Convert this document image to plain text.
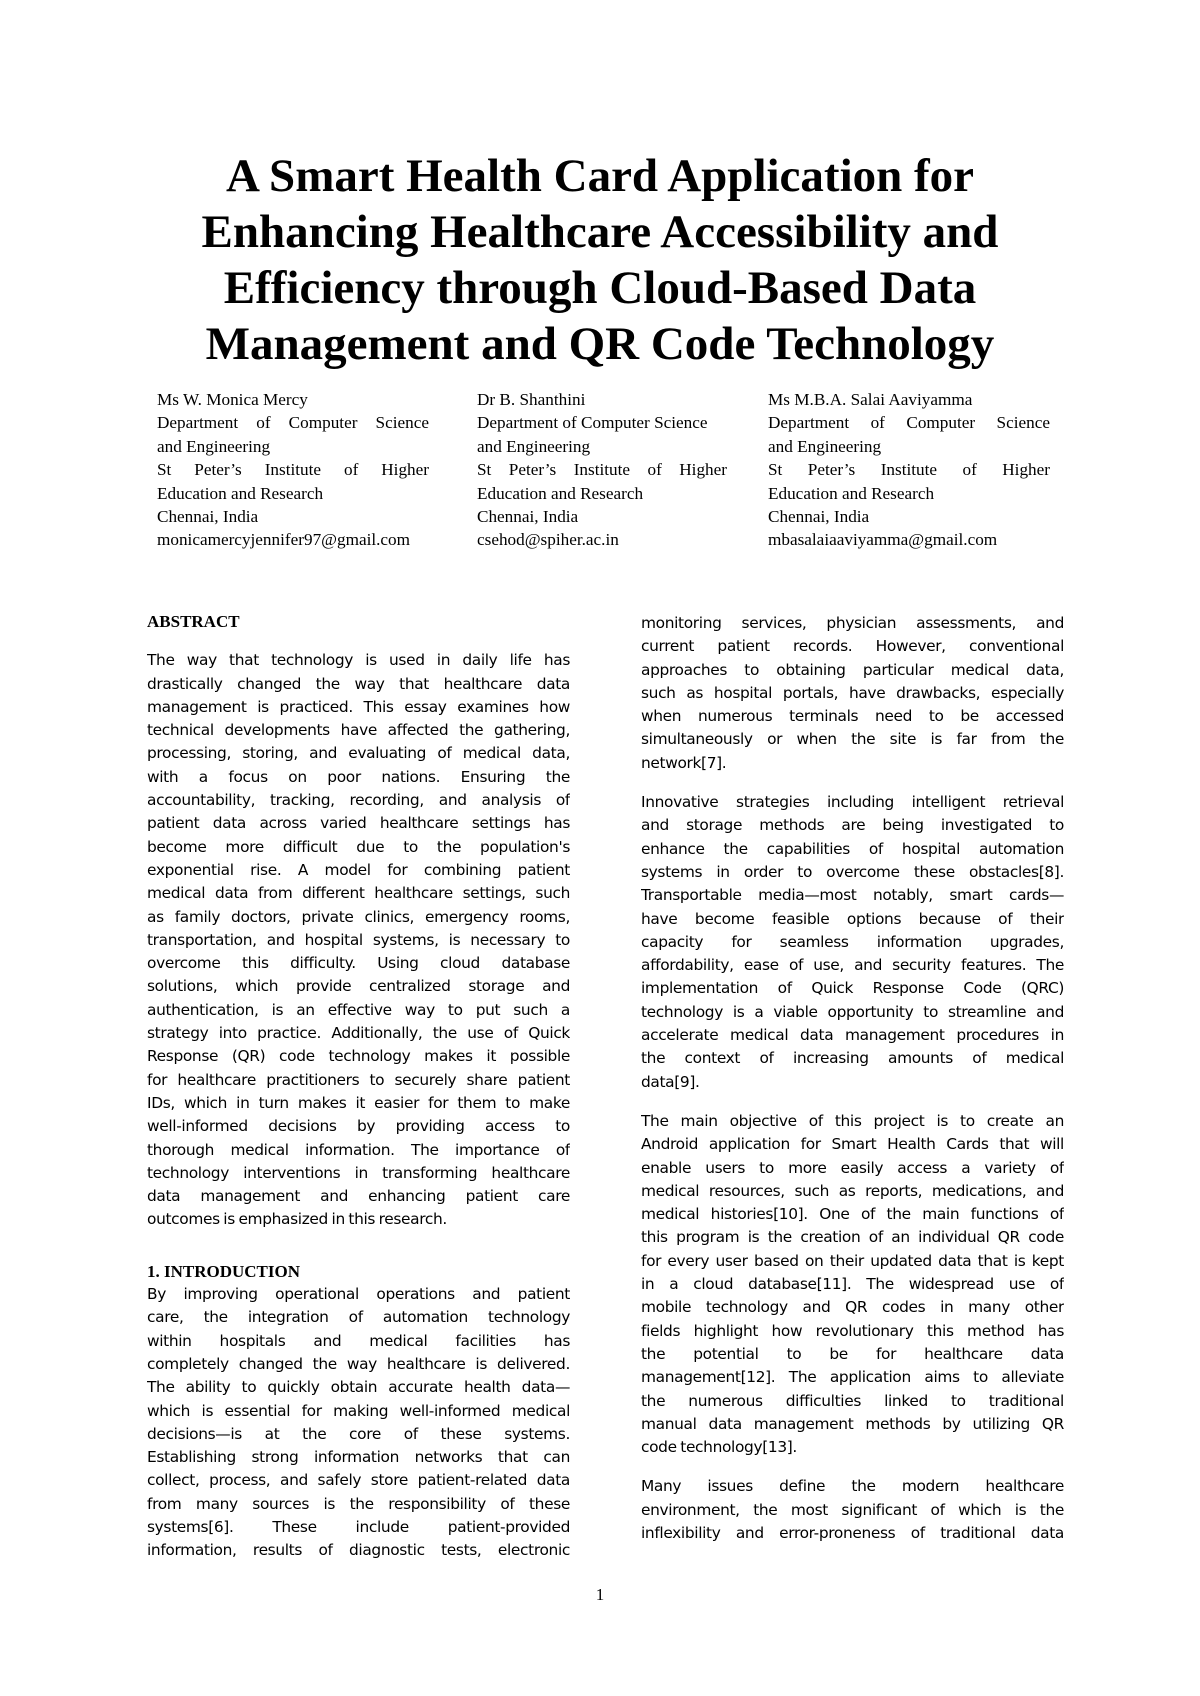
A Smart Health Card Application for
Enhancing Healthcare Accessibility and
Efficiency through Cloud-Based Data
Management and QR Code Technology
Ms W. Monica Mercy
Department of Computer Science
and Engineering
St Peter’s Institute of Higher
Education and Research
Chennai, India
monicamercyjennifer97@gmail.com
Dr B. Shanthini
Department of Computer Science
and Engineering
St Peter’s Institute of Higher
Education and Research
Chennai, India
csehod@spiher.ac.in
Ms M.B.A. Salai Aaviyamma
Department of Computer Science
and Engineering
St Peter’s Institute of Higher
Education and Research
Chennai, India
mbasalaiaaviyamma@gmail.com
ABSTRACT
The way that technology is used in daily life has
drastically changed the way that healthcare data
management is practiced. This essay examines how
technical developments have affected the gathering,
processing, storing, and evaluating of medical data,
with a focus on poor nations. Ensuring the
accountability, tracking, recording, and analysis of
patient data across varied healthcare settings has
become more difficult due to the population's
exponential rise. A model for combining patient
medical data from different healthcare settings, such
as family doctors, private clinics, emergency rooms,
transportation, and hospital systems, is necessary to
overcome this difficulty. Using cloud database
solutions, which provide centralized storage and
authentication, is an effective way to put such a
strategy into practice. Additionally, the use of Quick
Response (QR) code technology makes it possible
for healthcare practitioners to securely share patient
IDs, which in turn makes it easier for them to make
well-informed decisions by providing access to
thorough medical information. The importance of
technology interventions in transforming healthcare
data management and enhancing patient care
outcomes is emphasized in this research.
1. INTRODUCTION
By improving operational operations and patient
care, the integration of automation technology
within hospitals and medical facilities has
completely changed the way healthcare is delivered.
The ability to quickly obtain accurate health data—
which is essential for making well-informed medical
decisions—is at the core of these systems.
Establishing strong information networks that can
collect, process, and safely store patient-related data
from many sources is the responsibility of these
systems[6]. These include patient-provided
information, results of diagnostic tests, electronic

monitoring services, physician assessments, and
current patient records. However, conventional
approaches to obtaining particular medical data,
such as hospital portals, have drawbacks, especially
when numerous terminals need to be accessed
simultaneously or when the site is far from the
network[7].

Innovative strategies including intelligent retrieval
and storage methods are being investigated to
enhance the capabilities of hospital automation
systems in order to overcome these obstacles[8].
Transportable media—most notably, smart cards—
have become feasible options because of their
capacity for seamless information upgrades,
affordability, ease of use, and security features. The
implementation of Quick Response Code (QRC)
technology is a viable opportunity to streamline and
accelerate medical data management procedures in
the context of increasing amounts of medical
data[9].

The main objective of this project is to create an
Android application for Smart Health Cards that will
enable users to more easily access a variety of
medical resources, such as reports, medications, and
medical histories[10]. One of the main functions of
this program is the creation of an individual QR code
for every user based on their updated data that is kept
in a cloud database[11]. The widespread use of
mobile technology and QR codes in many other
fields highlight how revolutionary this method has
the potential to be for healthcare data
management[12]. The application aims to alleviate
the numerous difficulties linked to traditional
manual data management methods by utilizing QR
code technology[13].

Many issues define the modern healthcare
environment, the most significant of which is the
inflexibility and error-proneness of traditional data

1
